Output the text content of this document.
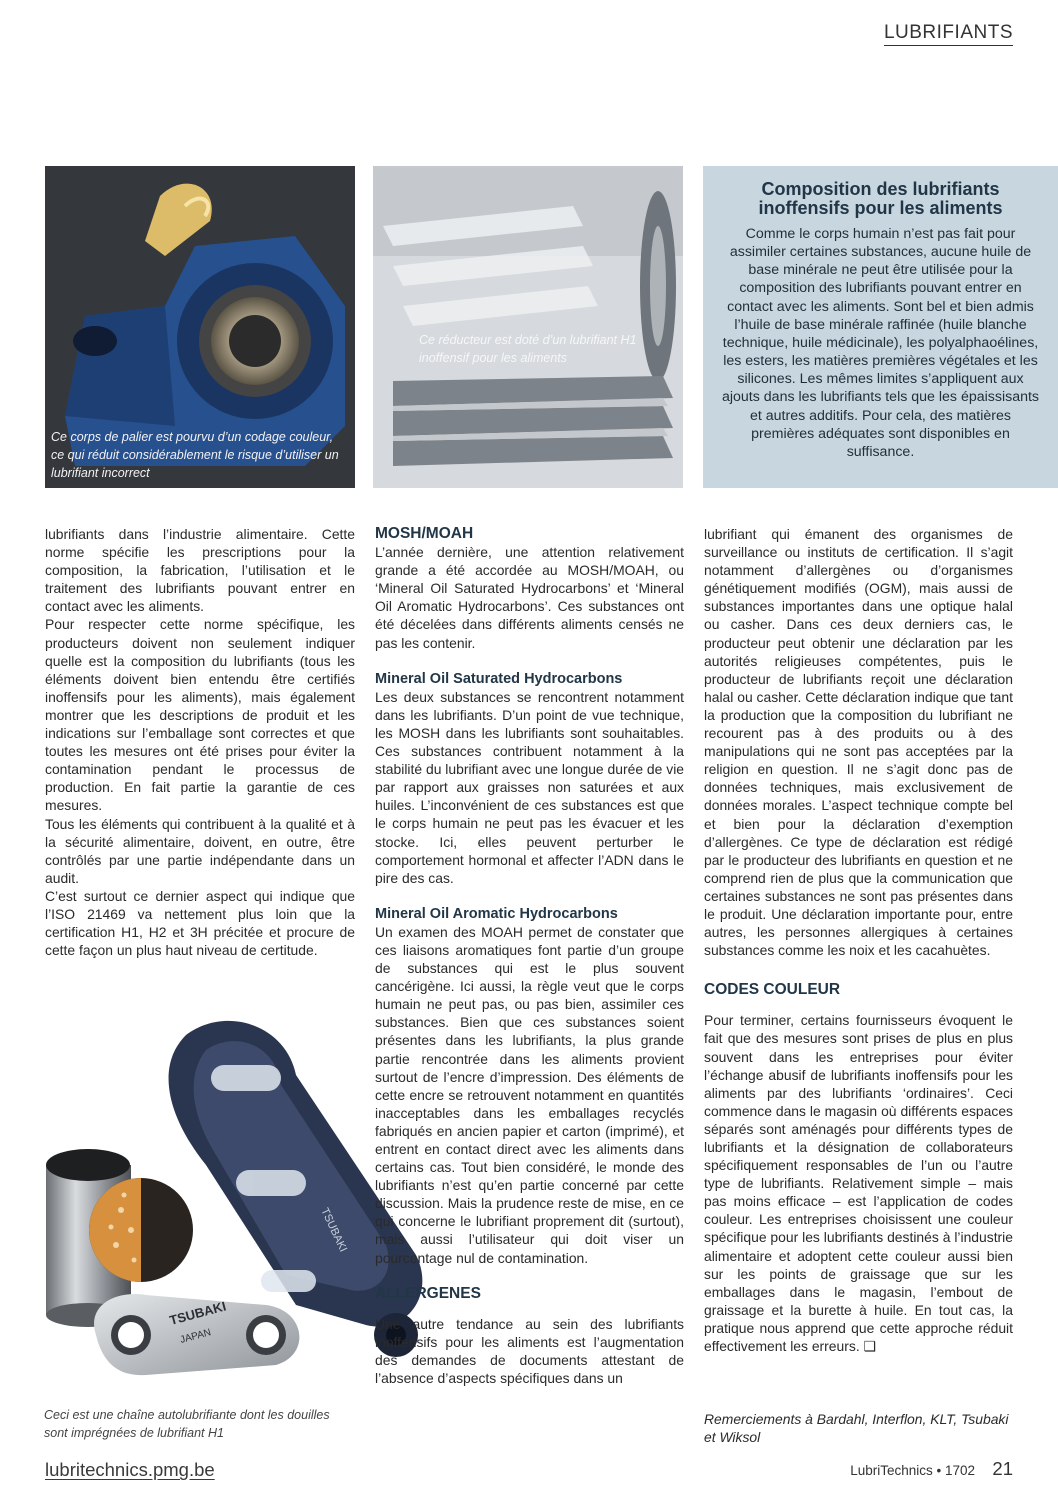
LUBRIFIANTS
Ce corps de palier est pourvu d’un codage couleur, ce qui réduit considérablement le risque d’utiliser un lubrifiant incorrect
Ce réducteur est doté d’un lubrifiant H1 inoffensif pour les aliments
Composition des lubrifiants inoffensifs pour les aliments

Comme le corps humain n’est pas fait pour assimiler certaines substances, aucune huile de base minérale ne peut être utilisée pour la composition des lubrifiants pouvant entrer en contact avec les aliments. Sont bel et bien admis l’huile de base minérale raffinée (huile blanche technique, huile médicinale), les polyalphaoélines, les esters, les matières premières végétales et les silicones. Les mêmes limites s’appliquent aux ajouts dans les lubrifiants tels que les épaissisants et autres additifs. Pour cela, des matières premières adéquates sont disponibles en suffisance.

lubrifiants dans l’industrie alimentaire. Cette norme spécifie les prescriptions pour la composition, la fabrication, l’utilisation et le traitement des lubrifiants pouvant entrer en contact avec les aliments.

Pour respecter cette norme spécifique, les producteurs doivent non seulement indiquer quelle est la composition du lubrifiants (tous les éléments doivent bien entendu être certifiés inoffensifs pour les aliments), mais également montrer que les descriptions de produit et les indications sur l’emballage sont correctes et que toutes les mesures ont été prises pour éviter la contamination pendant le processus de production. En fait partie la garantie de ces mesures.

Tous les éléments qui contribuent à la qualité et à la sécurité alimentaire, doivent, en outre, être contrôlés par une partie indépendante dans un audit.

C’est surtout ce dernier aspect qui indique que l’ISO 21469 va nettement plus loin que la certification H1, H2 et 3H précitée et procure de cette façon un plus haut niveau de certitude.

TSUBAKI
TSUBAKI
JAPAN
Ceci est une chaîne autolubrifiante dont les douilles sont imprégnées de lubrifiant H1

MOSH/MOAH

L’année dernière, une attention relativement grande a été accordée au MOSH/MOAH, ou ‘Mineral Oil Saturated Hydrocarbons’ et ‘Mineral Oil Aromatic Hydrocarbons’. Ces substances ont été décelées dans différents aliments censés ne pas les contenir.

Mineral Oil Saturated Hydrocarbons

Les deux substances se rencontrent notamment dans les lubrifiants. D’un point de vue technique, les MOSH dans les lubrifiants sont souhaitables. Ces substances contribuent notamment à la stabilité du lubrifiant avec une longue durée de vie par rapport aux graisses non saturées et aux huiles. L’inconvénient de ces substances est que le corps humain ne peut pas les évacuer et les stocke. Ici, elles peuvent perturber le comportement hormonal et affecter l’ADN dans le pire des cas.

Mineral Oil Aromatic Hydrocarbons

Un examen des MOAH permet de constater que ces liaisons aromatiques font partie d’un groupe de substances qui est le plus souvent cancérigène. Ici aussi, la règle veut que le corps humain ne peut pas, ou pas bien, assimiler ces substances. Bien que ces substances soient présentes dans les lubrifiants, la plus grande partie rencontrée dans les aliments provient surtout de l’encre d’impression. Des éléments de cette encre se retrouvent notamment en quantités inacceptables dans les emballages recyclés fabriqués en ancien papier et carton (imprimé), et entrent en contact direct avec les aliments dans certains cas. Tout bien considéré, le monde des lubrifiants n’est qu’en partie concerné par cette discussion. Mais la prudence reste de mise, en ce qui concerne le lubrifiant proprement dit (surtout), mais aussi l’utilisateur qui doit viser un pourcentage nul de contamination.

ALLERGENES

Une autre tendance au sein des lubrifiants inoffensifs pour les aliments est l’augmentation des demandes de documents attestant de l’absence d’aspects spécifiques dans un

lubrifiant qui émanent des organismes de surveillance ou instituts de certification. Il s’agit notamment d’allergènes ou d’organismes génétiquement modifiés (OGM), mais aussi de substances importantes dans une optique halal ou casher. Dans ces deux derniers cas, le producteur peut obtenir une déclaration par les autorités religieuses compétentes, puis le producteur de lubrifiants reçoit une déclaration halal ou casher. Cette déclaration indique que tant la production que la composition du lubrifiant ne recourent pas à des produits ou à des manipulations qui ne sont pas acceptées par la religion en question. Il ne s’agit donc pas de données techniques, mais exclusivement de données morales. L’aspect technique compte bel et bien pour la déclaration d’exemption d’allergènes. Ce type de déclaration est rédigé par le producteur des lubrifiants en question et ne comprend rien de plus que la communication que certaines substances ne sont pas présentes dans le produit. Une déclaration importante pour, entre autres, les personnes allergiques à certaines substances comme les noix et les cacahuètes.

CODES COULEUR

Pour terminer, certains fournisseurs évoquent le fait que des mesures sont prises de plus en plus souvent dans les entreprises pour éviter l’échange abusif de lubrifiants inoffensifs pour les aliments par des lubrifiants ‘ordinaires’. Ceci commence dans le magasin où différents espaces séparés sont aménagés pour différents types de lubrifiants et la désignation de collaborateurs spécifiquement responsables de l’un ou l’autre type de lubrifiants. Relativement simple – mais pas moins efficace – est l’application de codes couleur. Les entreprises choisissent une couleur spécifique pour les lubrifiants destinés à l’industrie alimentaire et adoptent cette couleur aussi bien sur les points de graissage que sur les emballages dans le magasin, l’embout de graissage et la burette à huile. En tout cas, la pratique nous apprend que cette approche réduit effectivement les erreurs. ❑

Remerciements à Bardahl, Interflon, KLT, Tsubaki et Wiksol
lubritechnics.pmg.be	LubriTechnics • 1702 21
